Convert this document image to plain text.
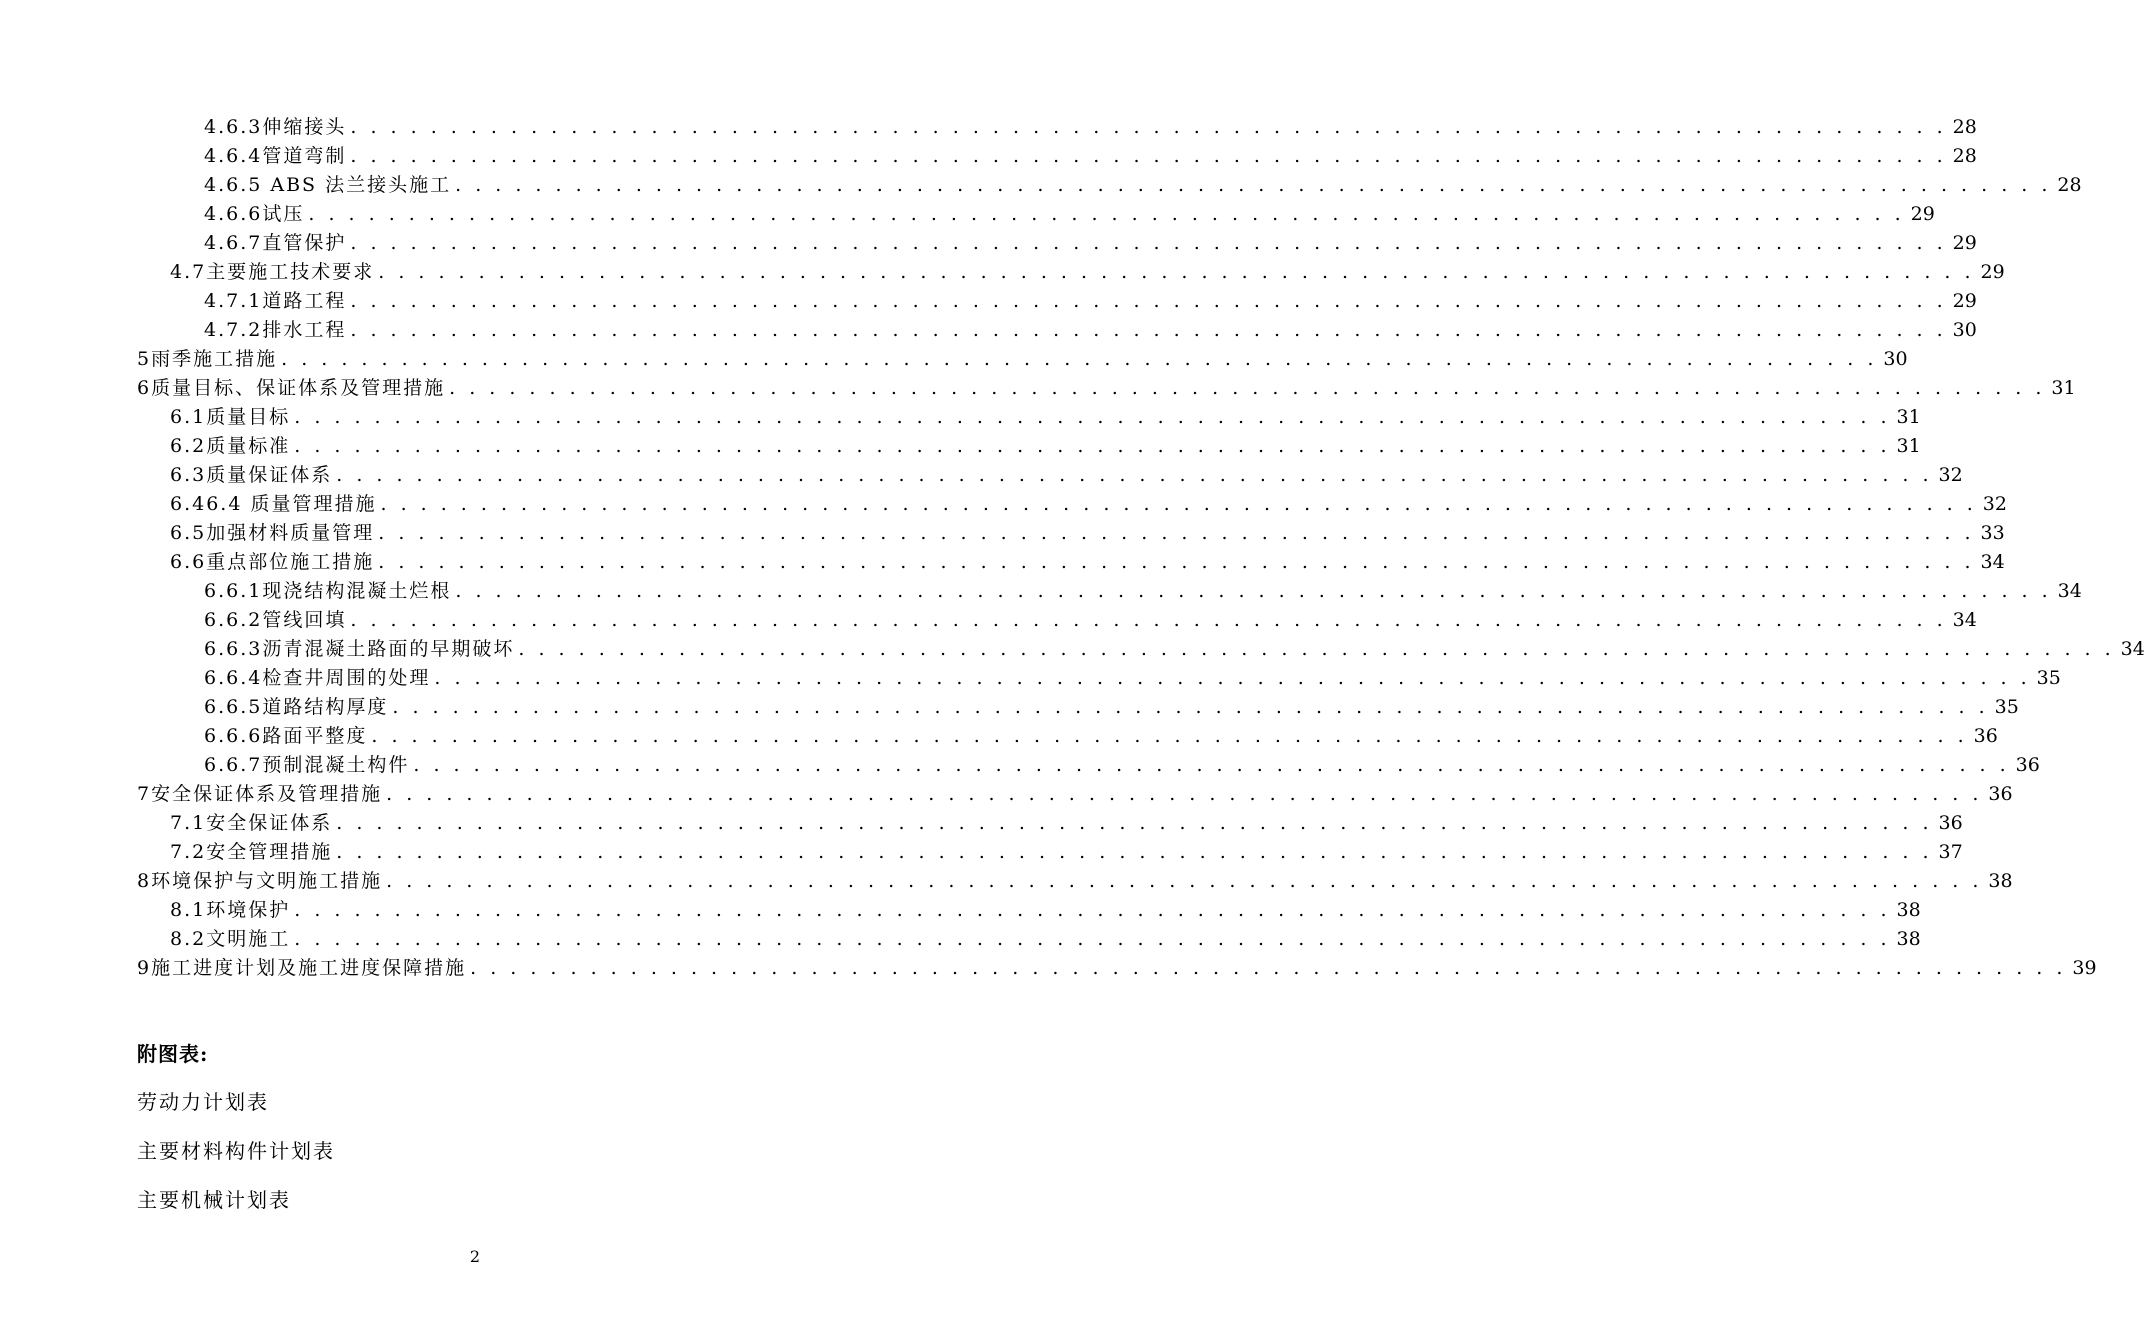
4.6.3 伸缩接头 . . . . . . . . . . . . . . . . . . . . . . . . . . . . . . . . . . . . . . . . . . . . . . . . . . . . . . . . . . . . . . . . . . . . . . . . . . . . . . . . 28
4.6.4 管道弯制 . . . . . . . . . . . . . . . . . . . . . . . . . . . . . . . . . . . . . . . . . . . . . . . . . . . . . . . . . . . . . . . . . . . . . . . . . . . . . . . . 28
4.6.5 ABS 法兰接头施工 . . . . . . . . . . . . . . . . . . . . . . . . . . . . . . . . . . . . . . . . . . . . . . . . . . . . . . . . . . . . . . . . . . . . . . . . . . . . . . . . 28
4.6.6 试压 . . . . . . . . . . . . . . . . . . . . . . . . . . . . . . . . . . . . . . . . . . . . . . . . . . . . . . . . . . . . . . . . . . . . . . . . . . . . . . . . 29
4.6.7 直管保护 . . . . . . . . . . . . . . . . . . . . . . . . . . . . . . . . . . . . . . . . . . . . . . . . . . . . . . . . . . . . . . . . . . . . . . . . . . . . . . . . 29
4.7 主要施工技术要求 . . . . . . . . . . . . . . . . . . . . . . . . . . . . . . . . . . . . . . . . . . . . . . . . . . . . . . . . . . . . . . . . . . . . . . . . . . . . . . . . 29
4.7.1 道路工程 . . . . . . . . . . . . . . . . . . . . . . . . . . . . . . . . . . . . . . . . . . . . . . . . . . . . . . . . . . . . . . . . . . . . . . . . . . . . . . . . 29
4.7.2 排水工程 . . . . . . . . . . . . . . . . . . . . . . . . . . . . . . . . . . . . . . . . . . . . . . . . . . . . . . . . . . . . . . . . . . . . . . . . . . . . . . . . 30
5 雨季施工措施 . . . . . . . . . . . . . . . . . . . . . . . . . . . . . . . . . . . . . . . . . . . . . . . . . . . . . . . . . . . . . . . . . . . . . . . . . . . . . . . . 30
6 质量目标、保证体系及管理措施 . . . . . . . . . . . . . . . . . . . . . . . . . . . . . . . . . . . . . . . . . . . . . . . . . . . . . . . . . . . . . . . . . . . . . . . . . . . . . . . . 31
6.1 质量目标 . . . . . . . . . . . . . . . . . . . . . . . . . . . . . . . . . . . . . . . . . . . . . . . . . . . . . . . . . . . . . . . . . . . . . . . . . . . . . . . . 31
6.2 质量标准 . . . . . . . . . . . . . . . . . . . . . . . . . . . . . . . . . . . . . . . . . . . . . . . . . . . . . . . . . . . . . . . . . . . . . . . . . . . . . . . . 31
6.3 质量保证体系 . . . . . . . . . . . . . . . . . . . . . . . . . . . . . . . . . . . . . . . . . . . . . . . . . . . . . . . . . . . . . . . . . . . . . . . . . . . . . . . . 32
6.4 6.4 质量管理措施 . . . . . . . . . . . . . . . . . . . . . . . . . . . . . . . . . . . . . . . . . . . . . . . . . . . . . . . . . . . . . . . . . . . . . . . . . . . . . . . . 32
6.5 加强材料质量管理 . . . . . . . . . . . . . . . . . . . . . . . . . . . . . . . . . . . . . . . . . . . . . . . . . . . . . . . . . . . . . . . . . . . . . . . . . . . . . . . . 33
6.6 重点部位施工措施 . . . . . . . . . . . . . . . . . . . . . . . . . . . . . . . . . . . . . . . . . . . . . . . . . . . . . . . . . . . . . . . . . . . . . . . . . . . . . . . . 34
6.6.1 现浇结构混凝土烂根 . . . . . . . . . . . . . . . . . . . . . . . . . . . . . . . . . . . . . . . . . . . . . . . . . . . . . . . . . . . . . . . . . . . . . . . . . . . . . . . . 34
6.6.2 管线回填 . . . . . . . . . . . . . . . . . . . . . . . . . . . . . . . . . . . . . . . . . . . . . . . . . . . . . . . . . . . . . . . . . . . . . . . . . . . . . . . . 34
6.6.3 沥青混凝土路面的早期破坏 . . . . . . . . . . . . . . . . . . . . . . . . . . . . . . . . . . . . . . . . . . . . . . . . . . . . . . . . . . . . . . . . . . . . . . . . . . . . . . . . 34
6.6.4 检查井周围的处理 . . . . . . . . . . . . . . . . . . . . . . . . . . . . . . . . . . . . . . . . . . . . . . . . . . . . . . . . . . . . . . . . . . . . . . . . . . . . . . . . 35
6.6.5 道路结构厚度 . . . . . . . . . . . . . . . . . . . . . . . . . . . . . . . . . . . . . . . . . . . . . . . . . . . . . . . . . . . . . . . . . . . . . . . . . . . . . . . . 35
6.6.6 路面平整度 . . . . . . . . . . . . . . . . . . . . . . . . . . . . . . . . . . . . . . . . . . . . . . . . . . . . . . . . . . . . . . . . . . . . . . . . . . . . . . . . 36
6.6.7 预制混凝土构件 . . . . . . . . . . . . . . . . . . . . . . . . . . . . . . . . . . . . . . . . . . . . . . . . . . . . . . . . . . . . . . . . . . . . . . . . . . . . . . . . 36
7 安全保证体系及管理措施 . . . . . . . . . . . . . . . . . . . . . . . . . . . . . . . . . . . . . . . . . . . . . . . . . . . . . . . . . . . . . . . . . . . . . . . . . . . . . . . . 36
7.1 安全保证体系 . . . . . . . . . . . . . . . . . . . . . . . . . . . . . . . . . . . . . . . . . . . . . . . . . . . . . . . . . . . . . . . . . . . . . . . . . . . . . . . . 36
7.2 安全管理措施 . . . . . . . . . . . . . . . . . . . . . . . . . . . . . . . . . . . . . . . . . . . . . . . . . . . . . . . . . . . . . . . . . . . . . . . . . . . . . . . . 37
8 环境保护与文明施工措施 . . . . . . . . . . . . . . . . . . . . . . . . . . . . . . . . . . . . . . . . . . . . . . . . . . . . . . . . . . . . . . . . . . . . . . . . . . . . . . . . 38
8.1 环境保护 . . . . . . . . . . . . . . . . . . . . . . . . . . . . . . . . . . . . . . . . . . . . . . . . . . . . . . . . . . . . . . . . . . . . . . . . . . . . . . . . 38
8.2 文明施工 . . . . . . . . . . . . . . . . . . . . . . . . . . . . . . . . . . . . . . . . . . . . . . . . . . . . . . . . . . . . . . . . . . . . . . . . . . . . . . . . 38
9 施工进度计划及施工进度保障措施 . . . . . . . . . . . . . . . . . . . . . . . . . . . . . . . . . . . . . . . . . . . . . . . . . . . . . . . . . . . . . . . . . . . . . . . . . . . . . . . . 39
附图表:
劳动力计划表
主要材料构件计划表
主要机械计划表
2
